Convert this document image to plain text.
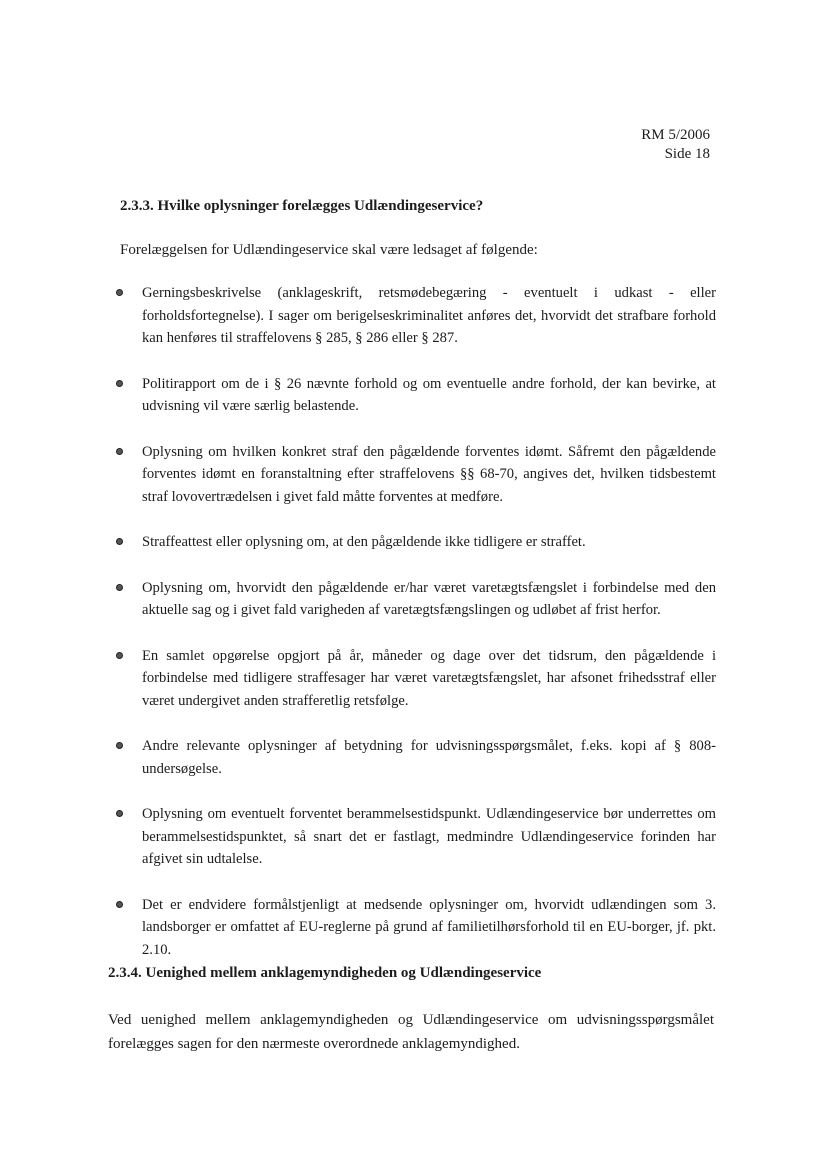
RM 5/2006
Side 18
2.3.3. Hvilke oplysninger forelægges Udlændingeservice?
Forelæggelsen for Udlændingeservice skal være ledsaget af følgende:
Gerningsbeskrivelse (anklageskrift, retsmødebegæring - eventuelt i udkast - eller forholdsfortegnelse). I sager om berigelseskriminalitet anføres det, hvorvidt det strafbare forhold kan henføres til straffelovens § 285, § 286 eller § 287.
Politirapport om de i § 26 nævnte forhold og om eventuelle andre forhold, der kan bevirke, at udvisning vil være særlig belastende.
Oplysning om hvilken konkret straf den pågældende forventes idømt. Såfremt den pågældende forventes idømt en foranstaltning efter straffelovens §§ 68-70, angives det, hvilken tidsbestemt straf lovovertrædelsen i givet fald måtte forventes at medføre.
Straffeattest eller oplysning om, at den pågældende ikke tidligere er straffet.
Oplysning om, hvorvidt den pågældende er/har været varetægtsfængslet i forbindelse med den aktuelle sag og i givet fald varigheden af varetægtsfængslingen og udløbet af frist herfor.
En samlet opgørelse opgjort på år, måneder og dage over det tidsrum, den pågældende i forbindelse med tidligere straffesager har været varetægtsfængslet, har afsonet frihedsstraf eller været undergivet anden strafferetlig retsfølge.
Andre relevante oplysninger af betydning for udvisningsspørgsmålet, f.eks. kopi af § 808-undersøgelse.
Oplysning om eventuelt forventet berammelsestidspunkt. Udlændingeservice bør underrettes om berammelsestidspunktet, så snart det er fastlagt, medmindre Udlændingeservice forinden har afgivet sin udtalelse.
Det er endvidere formålstjenligt at medsende oplysninger om, hvorvidt udlændingen som 3. landsborger er omfattet af EU-reglerne på grund af familietilhørsforhold til en EU-borger, jf. pkt. 2.10.
2.3.4. Uenighed mellem anklagemyndigheden og Udlændingeservice
Ved uenighed mellem anklagemyndigheden og Udlændingeservice om udvisningsspørgsmålet forelægges sagen for den nærmeste overordnede anklagemyndighed.
